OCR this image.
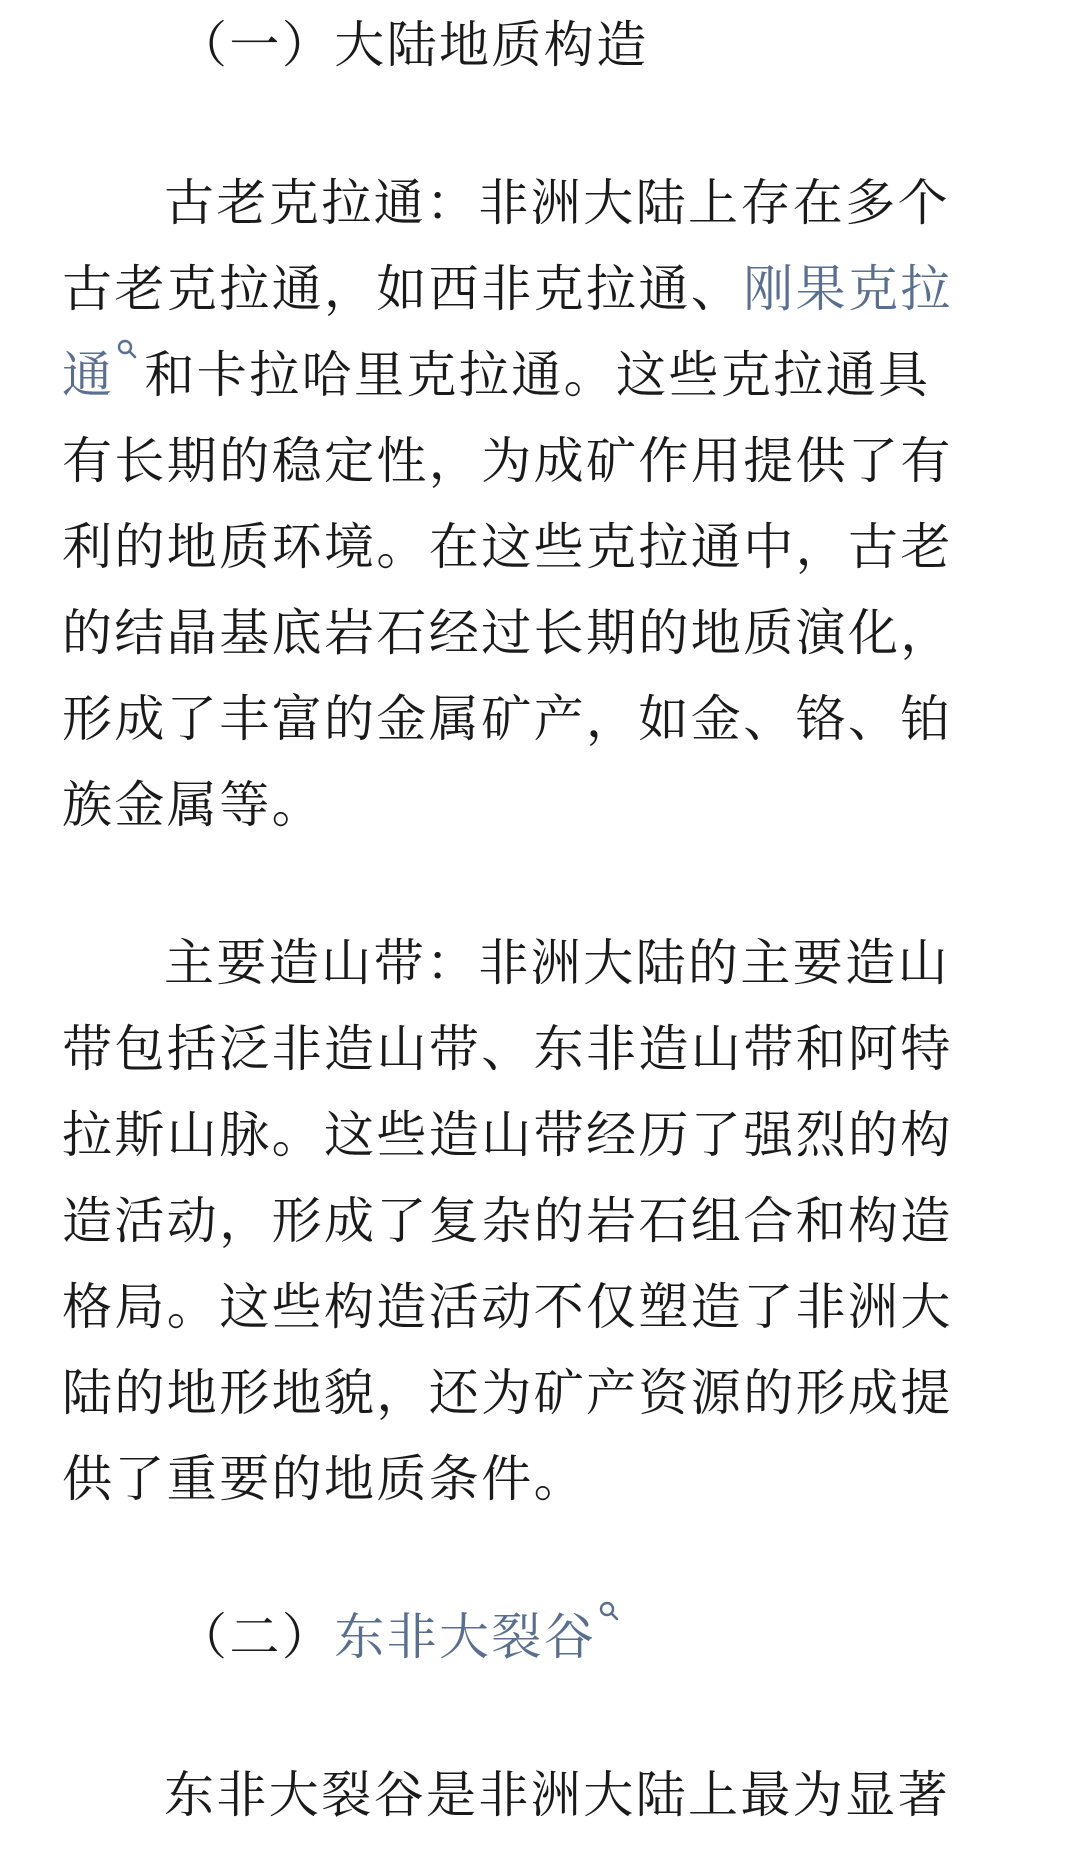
（一）大陆地质构造
古老克拉通：非洲大陆上存在多个
古老克拉通，如西非克拉通、刚果克拉
通 和卡拉哈里克拉通。这些克拉通具
有长期的稳定性，为成矿作用提供了有
利的地质环境。在这些克拉通中，古老
的结晶基底岩石经过长期的地质演化，
形成了丰富的金属矿产，如金、铬、铂
族金属等。
主要造山带：非洲大陆的主要造山
带包括泛非造山带、东非造山带和阿特
拉斯山脉。这些造山带经历了强烈的构
造活动，形成了复杂的岩石组合和构造
格局。这些构造活动不仅塑造了非洲大
陆的地形地貌，还为矿产资源的形成提
供了重要的地质条件。
（二）东非大裂谷
东非大裂谷是非洲大陆上最为显著
